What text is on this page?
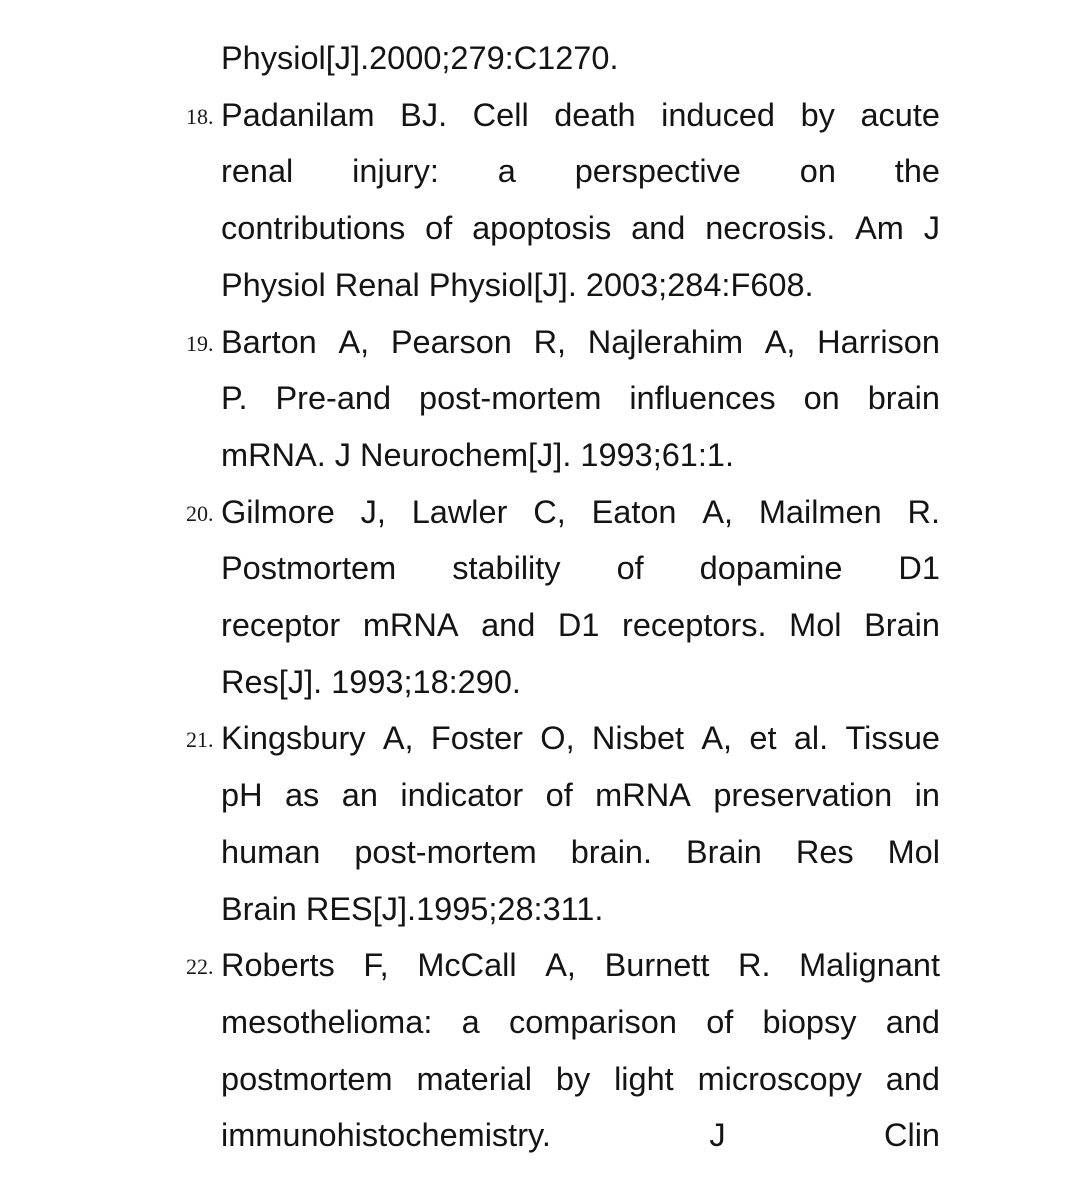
Physiol[J].2000;279:C1270.
18. Padanilam BJ. Cell death induced by acute
renal injury: a perspective on the
contributions of apoptosis and necrosis. Am J
Physiol Renal Physiol[J]. 2003;284:F608.
19. Barton A, Pearson R, Najlerahim A, Harrison
P. Pre-and post-mortem influences on brain
mRNA. J Neurochem[J]. 1993;61:1.
20. Gilmore J, Lawler C, Eaton A, Mailmen R.
Postmortem stability of dopamine D1
receptor mRNA and D1 receptors. Mol Brain
Res[J]. 1993;18:290.
21. Kingsbury A, Foster O, Nisbet A, et al. Tissue
pH as an indicator of mRNA preservation in
human post-mortem brain. Brain Res Mol
Brain RES[J].1995;28:311.
22. Roberts F, McCall A, Burnett R. Malignant
mesothelioma: a comparison of biopsy and
postmortem material by light microscopy and
immunohistochemistry.	J	Clin
